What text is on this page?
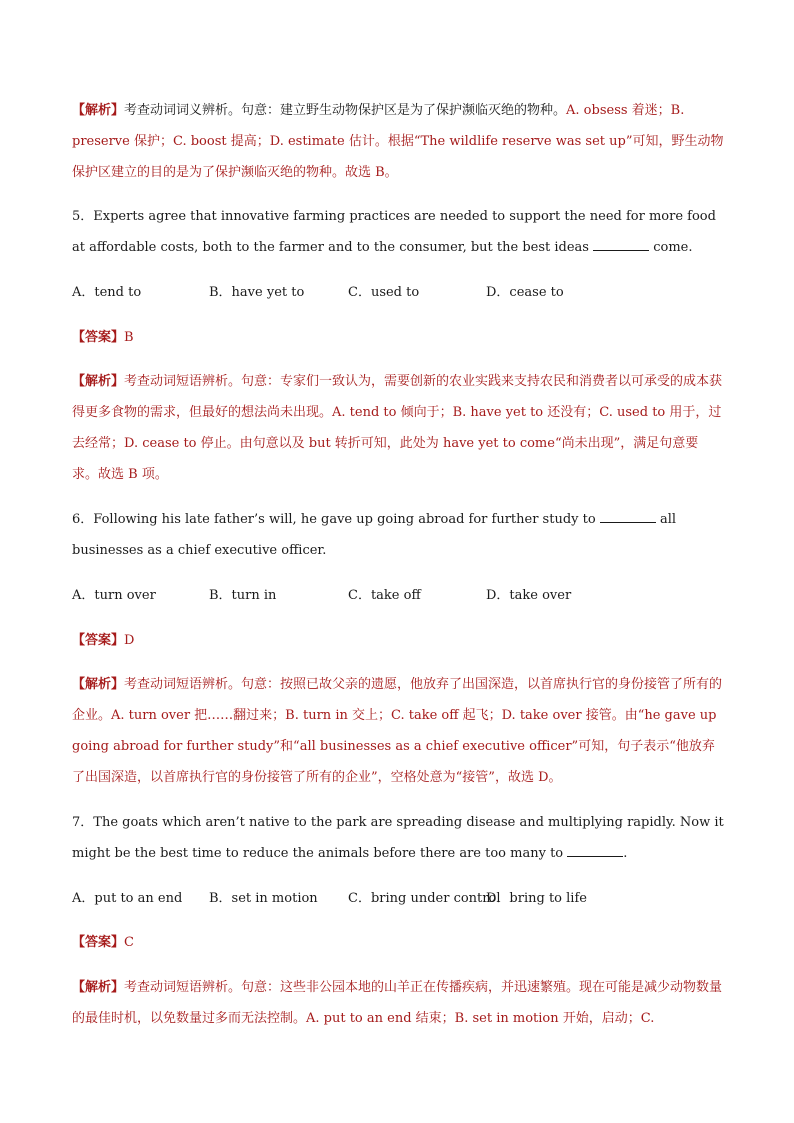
【解析】考查动词词义辨析。句意：建立野生动物保护区是为了保护濒临灭绝的物种。A. obsess 着迷；B. preserve 保护；C. boost 提高；D. estimate 估计。根据“The wildlife reserve was set up”可知，野生动物保护区建立的目的是为了保护濒临灭绝的物种。故选 B。
5．Experts agree that innovative farming practices are needed to support the need for more food at affordable costs, both to the farmer and to the consumer, but the best ideas	come.
A．tend to	B．have yet to	C．used to	D．cease to
【答案】B
【解析】考查动词短语辨析。句意：专家们一致认为，需要创新的农业实践来支持农民和消费者以可承受的成本获得更多食物的需求，但最好的想法尚未出现。A. tend to 倾向于；B. have yet to 还没有；C. used to 用于，过去经常；D. cease to 停止。由句意以及 but 转折可知，此处为 have yet to come“尚未出现”，满足句意要求。故选 B 项。
6．Following his late father’s will, he gave up going abroad for further study to	all businesses as a chief executive officer.
A．turn over	B．turn in	C．take off	D．take over
【答案】D
【解析】考查动词短语辨析。句意：按照已故父亲的遗愿，他放弃了出国深造，以首席执行官的身份接管了所有的企业。A. turn over 把……翻过来；B. turn in 交上；C. take off 起飞；D. take over 接管。由“he gave up going abroad for further study”和“all businesses as a chief executive officer”可知，句子表示“他放弃了出国深造，以首席执行官的身份接管了所有的企业”，空格处意为“接管”，故选 D。
7．The goats which aren’t native to the park are spreading disease and multiplying rapidly. Now it might be the best time to reduce the animals before there are too many to	.
A．put to an end B．set in motion C．bring under control
D．bring to life
【答案】C
【解析】考查动词短语辨析。句意：这些非公园本地的山羊正在传播疾病，并迅速繁殖。现在可能是减少动物数量的最佳时机，以免数量过多而无法控制。A. put to an end 结束；B. set in motion 开始，启动；C.
